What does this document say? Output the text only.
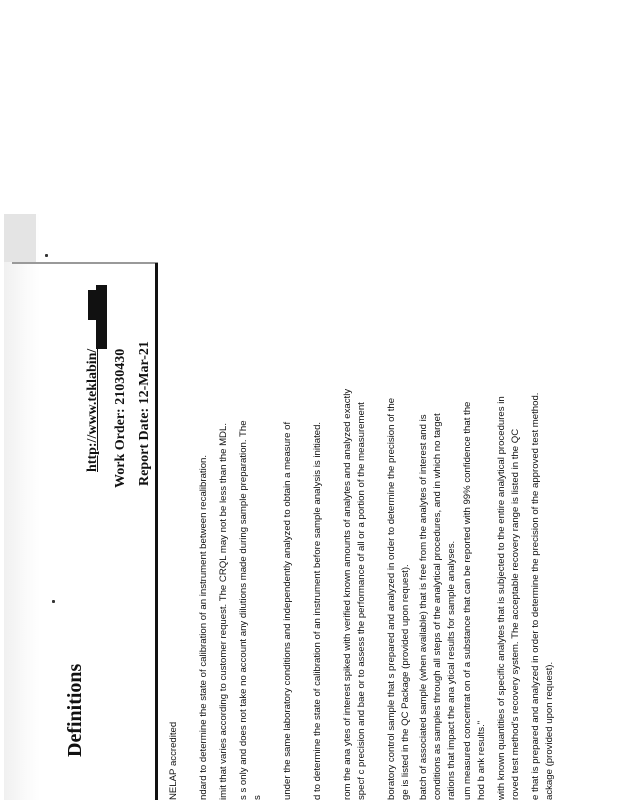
Definitions
http://www.teklabin/
Work Order: 21030430
Report Date: 12-Mar-21
NELAP accredited ndard to determine the state of calibration of an instrument between recalibration. imit that varies according to customer request. The CRQL may not be less than the MDL. s s only and does not take no account any dilutions made during sample preparation. The s under the same laboratory conditions and independently analyzed to obtain a measure of d to determine the state of calibration of an instrument before sample analysis is initiated. rom the ana ytes of interest spiked with verified known amounts of analytes and analyzed exactly specf c precision and bae or to assess the performance of all or a portion of the measurement boratory control sample that s prepared and analyzed in order to determine the precision of the ge is listed in the QC Package (provided upon request). batch of associated sample (when available) that is free from the analytes of interest and is conditions as samples through all steps of the analytical procedures, and in which no target rations that impact the ana ytical results for sample analyses. um measured concentrat on of a substance that can be reported with 99% confidence that the hod b ank results." with known quantities of specific analytes that is subjected to the entire analytical procedures in roved test method's recovery system. The acceptable recovery range is listed in the QC e that is prepared and analyzed in order to determine the precision of the approved test method. ackage (provided upon request).
